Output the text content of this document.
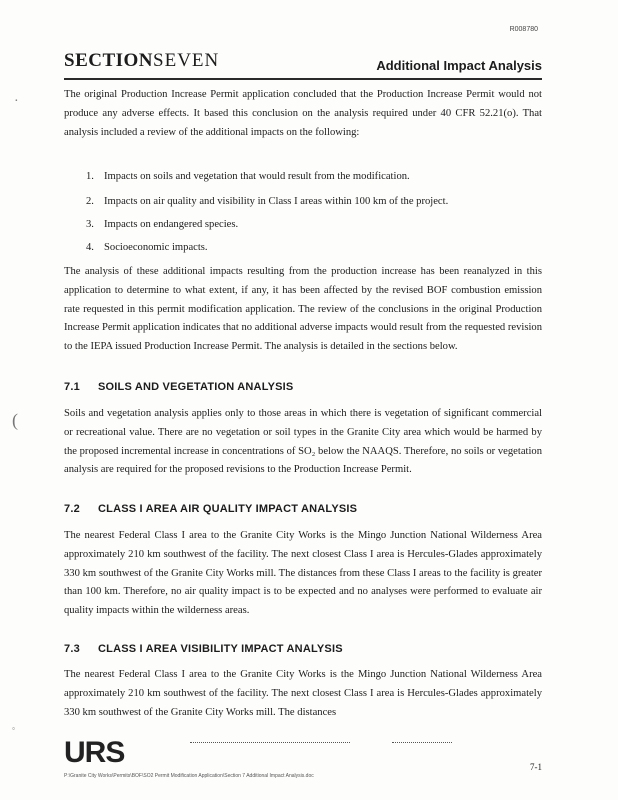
R008780
SECTIONSEVEN	Additional Impact Analysis
·	The original Production Increase Permit application concluded that the Production Increase Permit would not produce any adverse effects. It based this conclusion on the analysis required under 40 CFR 52.21(o). That analysis included a review of the additional impacts on the following:
1. Impacts on soils and vegetation that would result from the modification.
2. Impacts on air quality and visibility in Class I areas within 100 km of the project.
3. Impacts on endangered species.
4. Socioeconomic impacts.
The analysis of these additional impacts resulting from the production increase has been reanalyzed in this application to determine to what extent, if any, it has been affected by the revised BOF combustion emission rate requested in this permit modification application. The review of the conclusions in the original Production Increase Permit application indicates that no additional adverse impacts would result from the requested revision to the IEPA issued Production Increase Permit. The analysis is detailed in the sections below.
7.1 SOILS AND VEGETATION ANALYSIS
(	Soils and vegetation analysis applies only to those areas in which there is vegetation of significant commercial or recreational value. There are no vegetation or soil types in the Granite City area which would be harmed by the proposed incremental increase in concentrations of SO₂ below the NAAQS. Therefore, no soils or vegetation analysis are required for the proposed revisions to the Production Increase Permit.
7.2 CLASS I AREA AIR QUALITY IMPACT ANALYSIS
The nearest Federal Class I area to the Granite City Works is the Mingo Junction National Wilderness Area approximately 210 km southwest of the facility. The next closest Class I area is Hercules-Glades approximately 330 km southwest of the Granite City Works mill. The distances from these Class I areas to the facility is greater than 100 km. Therefore, no air quality impact is to be expected and no analyses were performed to evaluate air quality impacts within the wilderness areas.
7.3 CLASS I AREA VISIBILITY IMPACT ANALYSIS
The nearest Federal Class I area to the Granite City Works is the Mingo Junction National Wilderness Area approximately 210 km southwest of the facility. The next closest Class I area is Hercules-Glades approximately 330 km southwest of the Granite City Works mill. The distances
ﾟ
URS	7-1
P:\Granite City Works\Permits\BOF\SO2 Permit Modification Application\Section 7 Additional Impact Analysis.doc
